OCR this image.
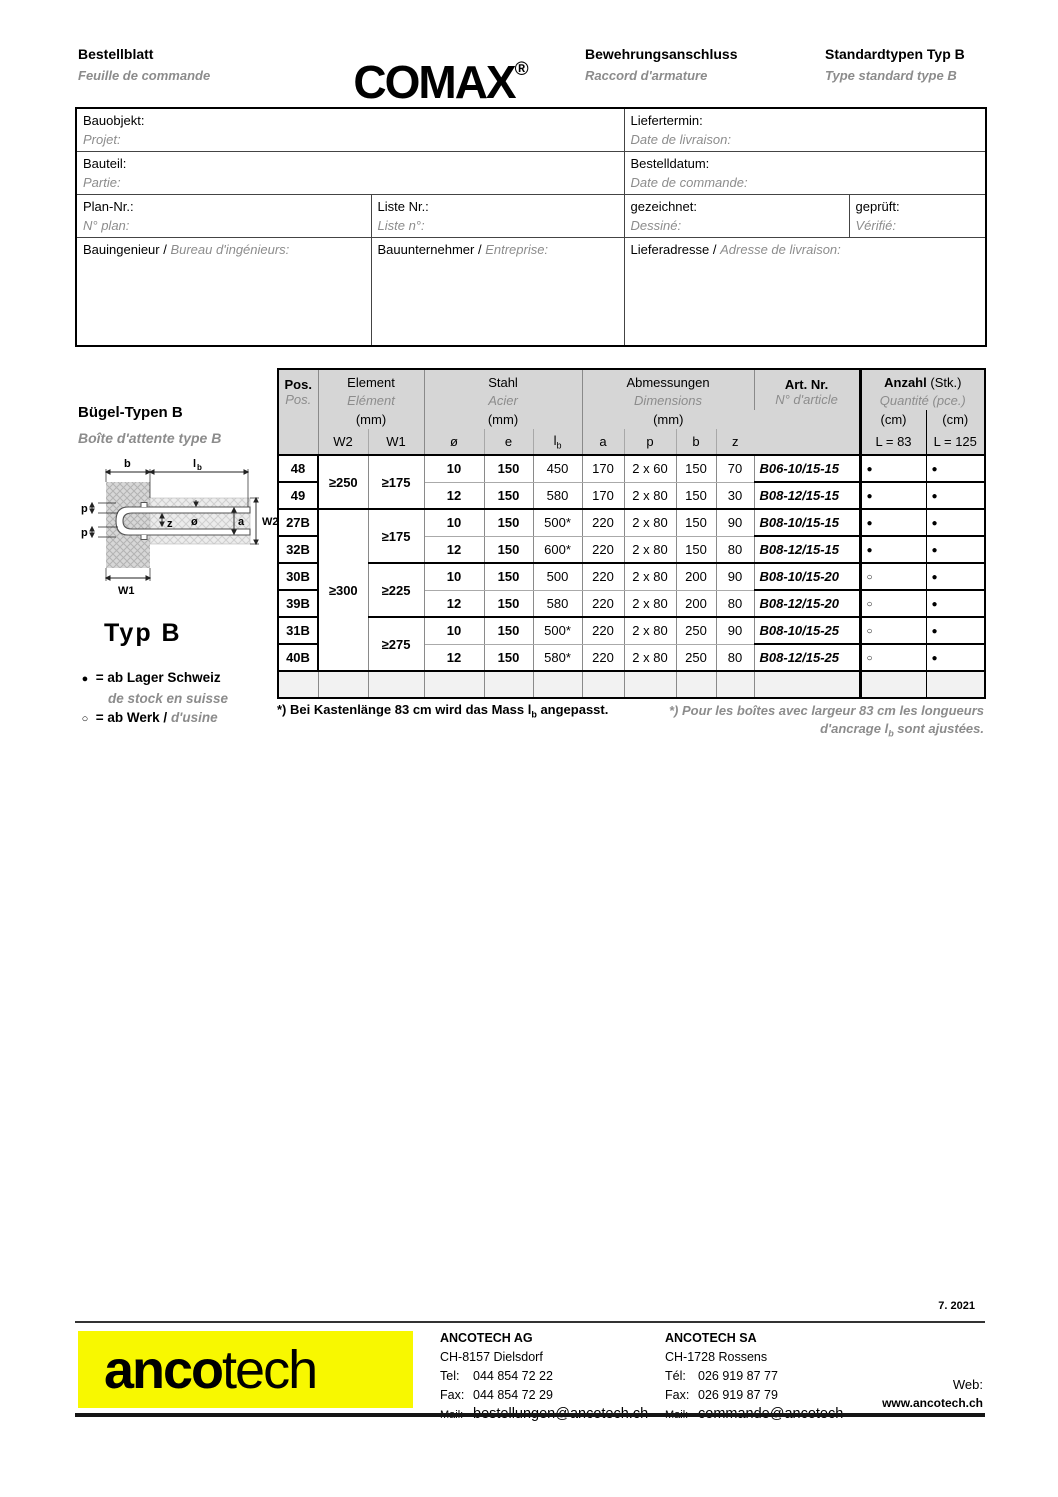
Bestellblatt
Feuille de commande	COMAX®
Bewehrungsanschluss
Raccord d'armature
Standardtypen Typ B
Type standard type B
Bauobjekt:
Projet:

Liefertermin:
Date de livraison:

Bauteil:
Partie:

Bestelldatum:
Date de commande:

Plan-Nr.:
N° plan:

Liste Nr.:
Liste n°:

gezeichnet:
Dessiné:

geprüft:
Vérifié:

Bauingenieur / Bureau d'ingénieurs:	Bauunternehmer / Entreprise:	Lieferadresse / Adresse de livraison:	
Bügel-Typen B
Boîte d'attente type B
b	l b
p
p
z ø	a W2
W1
Typ B
● = ab Lager Schweiz
de stock en suisse
○ = ab Werk / d'usine
Pos.
Pos.
	Element	Stahl	Abmessungen	Art. Nr.
N° d'article
	Anzahl (Stk.)
	Elément		Acier			Dimensions					Quantité (pce.)	
	(mm)		(mm)			(mm)					(cm)	(cm)
	W2	W1	ø	e	$l_b$	a	p	b	z		L = 83	L = 125
48	≥250	≥175	10	150	450	170	2 x 60	150	70	B06-10/15-15	●	●
49			12	150	580	170	2 x 80	150	30	B08-12/15-15	●	●
27B	≥300	≥175	10	150	500*	220	2 x 80	150	90	B08-10/15-15	●	●
32B			12	150	600*	220	2 x 80	150	80	B08-12/15-15	●	●
30B		≥225	10	150	500	220	2 x 80	200	90	B08-10/15-20	○	●
39B			12	150	580	220	2 x 80	200	80	B08-12/15-20	○	●
31B		≥275	10	150	500*	220	2 x 80	250	90	B08-10/15-25	○	●
40B			12	150	580*	220	2 x 80	250	80	B08-12/15-25	○	●

*) Bei Kastenlänge 83 cm wird das Mass $l_b$ angepasst.	*) Pour les boîtes avec largeur 83 cm les longueurs
d'ancrage $l_b$ sont ajustées.
7. 2021
anco tech
ANCOTECH AG
CH-8157 Dielsdorf
Tel: 044 854 72 22
Fax: 044 854 72 29
ANCOTECH SA
CH-1728 Rossens
Tél: 026 919 87 77
Fax: 026 919 87 79
Web:
www.ancotech.ch
